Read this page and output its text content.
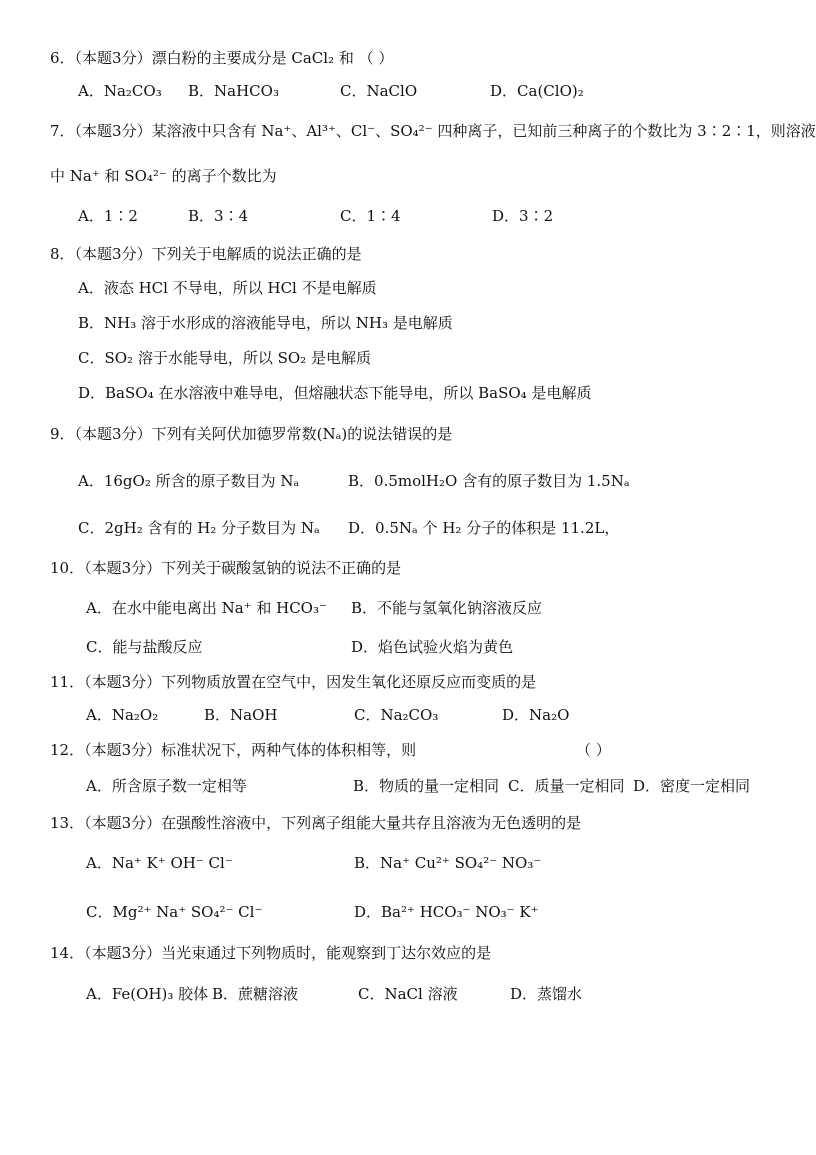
6．（本题3分）漂白粉的主要成分是 CaCl₂ 和 （ ）
A．Na₂CO₃ B．NaHCO₃	C．NaClO	D．Ca(ClO)₂
7．（本题3分）某溶液中只含有 Na⁺、Al³⁺、Cl⁻、SO₄²⁻ 四种离子，已知前三种离子的个数比为 3∶2∶1，则溶液
中 Na⁺ 和 SO₄²⁻ 的离子个数比为
A．1∶2	B．3∶4	C．1∶4	D．3∶2
8．（本题3分）下列关于电解质的说法正确的是
A．液态 HCl 不导电，所以 HCl 不是电解质
B．NH₃ 溶于水形成的溶液能导电，所以 NH₃ 是电解质
C．SO₂ 溶于水能导电，所以 SO₂ 是电解质
D．BaSO₄ 在水溶液中难导电，但熔融状态下能导电，所以 BaSO₄ 是电解质
9．（本题3分）下列有关阿伏加德罗常数(Nₐ)的说法错误的是
A．16gO₂ 所含的原子数目为 Nₐ	B．0.5molH₂O 含有的原子数目为 1.5Nₐ
C．2gH₂ 含有的 H₂ 分子数目为 Nₐ D．0.5Nₐ 个 H₂ 分子的体积是 11.2L，
10．（本题3分）下列关于碳酸氢钠的说法不正确的是
A．在水中能电离出 Na⁺ 和 HCO₃⁻ B．不能与氢氧化钠溶液反应
C．能与盐酸反应	D．焰色试验火焰为黄色
11．（本题3分）下列物质放置在空气中，因发生氧化还原反应而变质的是
A．Na₂O₂	B．NaOH	C．Na₂CO₃	D．Na₂O
12．（本题3分）标准状况下，两种气体的体积相等，则	（ ）
A．所含原子数一定相等	B．物质的量一定相同 C．质量一定相同 D．密度一定相同
13．（本题3分）在强酸性溶液中，下列离子组能大量共存且溶液为无色透明的是
A．Na⁺ K⁺ OH⁻ Cl⁻	B．Na⁺ Cu²⁺ SO₄²⁻ NO₃⁻
C．Mg²⁺ Na⁺ SO₄²⁻ Cl⁻	D．Ba²⁺ HCO₃⁻ NO₃⁻ K⁺
14．（本题3分）当光束通过下列物质时，能观察到丁达尔效应的是
A．Fe(OH)₃ 胶体 B．蔗糖溶液	C．NaCl 溶液	D．蒸馏水
